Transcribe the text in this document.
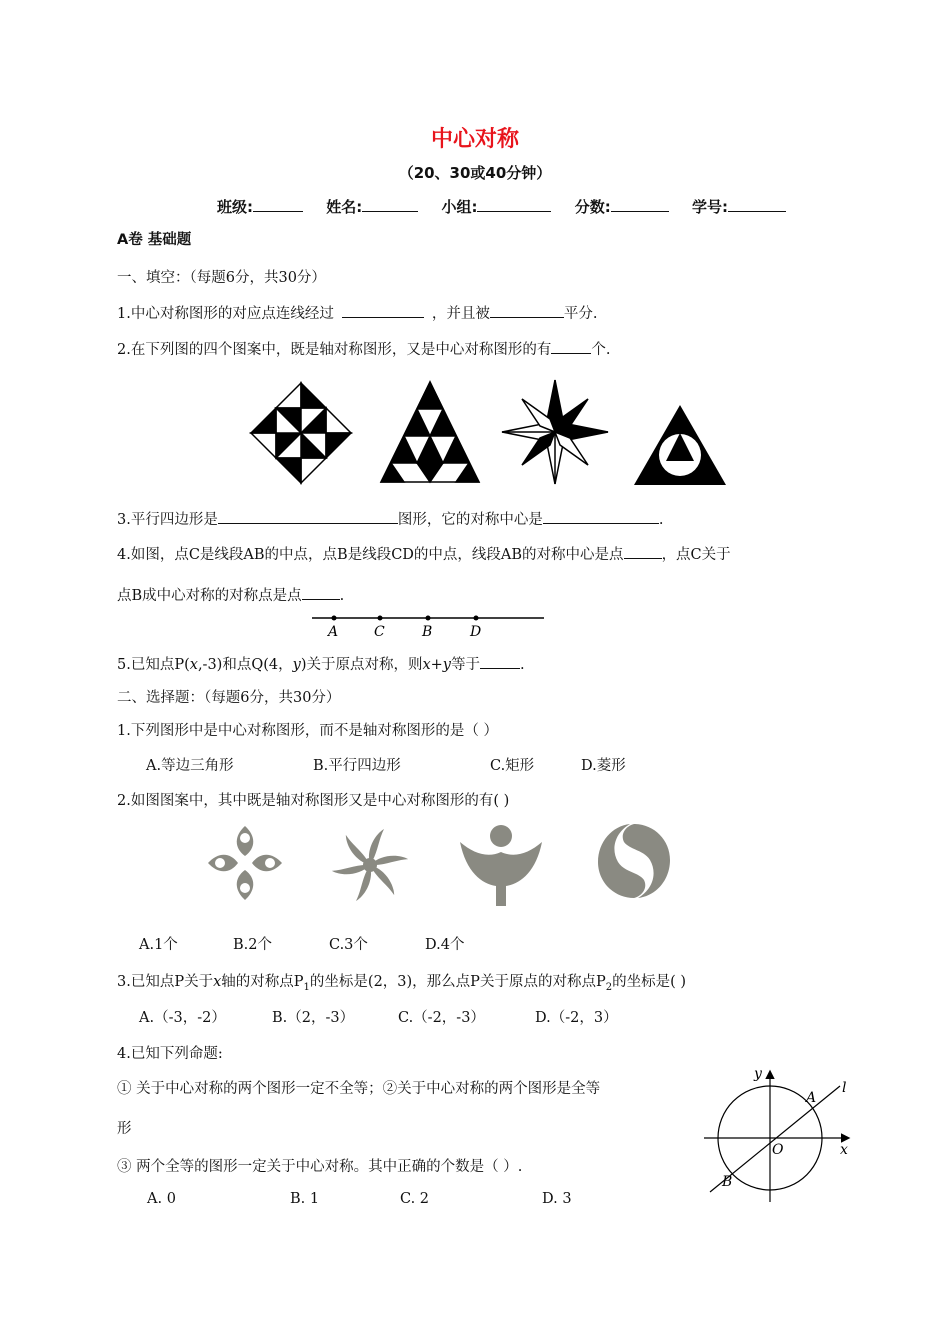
中心对称
（20、30或40分钟）
班级:	姓名:	小组:	分数:	学号:
A卷 基础题
一、填空：（每题6分，共30分）
1.中心对称图形的对应点连线经过	，并且被	平分.
2.在下列图的四个图案中，既是轴对称图形，又是中心对称图形的有	个.
3.平行四边形是	图形，它的对称中心是	.
4.如图，点C是线段AB的中点，点B是线段CD的中点，线段AB的对称中心是点	，点C关于
点B成中心对称的对称点是点	.
A	C	B	D
5.已知点P(x,-3)和点Q(4，y)关于原点对称，则x+y等于	.
二、选择题：（每题6分，共30分）
1.下列图形中是中心对称图形，而不是轴对称图形的是（ ）
A.等边三角形	B.平行四边形	C.矩形	D.菱形
2.如图图案中，其中既是轴对称图形又是中心对称图形的有( )
A.1个	B.2个	C.3个	D.4个
3.已知点P关于x轴的对称点$P_1$的坐标是(2，3)，那么点P关于原点的对称点$P_2$的坐标是( )
A.（-3，-2）	B.（2，-3）	C.（-2，-3）	D.（-2，3）
4.已知下列命题:
① 关于中心对称的两个图形一定不全等；②关于中心对称的两个图形是全等
形
③ 两个全等的图形一定关于中心对称。其中正确的个数是（ ）.
A. 0	B. 1	C. 2	D. 3
y
x
O
A
B
l
